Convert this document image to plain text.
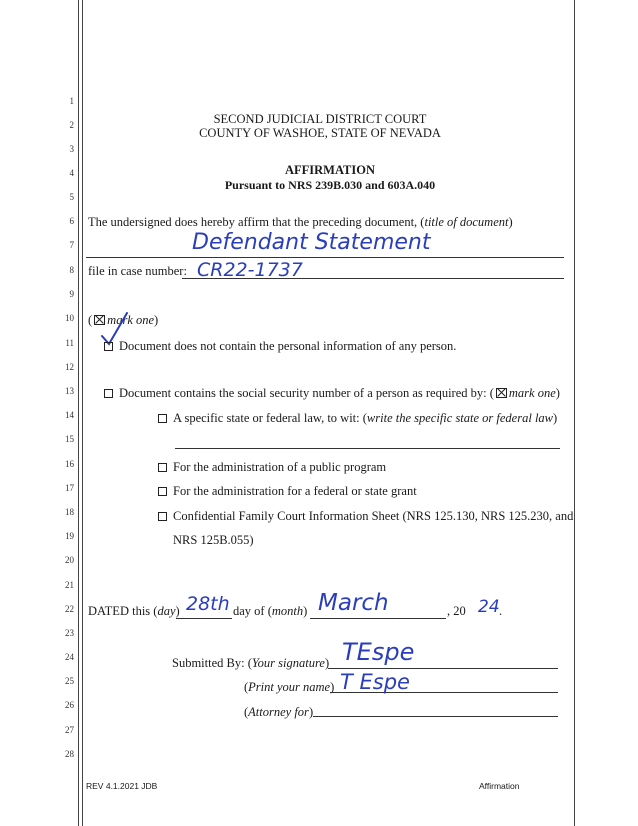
1
2
3
4
5
6
7
8
9
10
11
12
13
14
15
16
17
18
19
20
21
22
23
24
25
26
27
28
SECOND JUDICIAL DISTRICT COURT
COUNTY OF WASHOE, STATE OF NEVADA
AFFIRMATION
Pursuant to NRS 239B.030 and 603A.040
The undersigned does hereby affirm that the preceding document, (title of document)
Defendant Statement
file in case number: CR22-1737
( mark one)
Document does not contain the personal information of any person.
Document contains the social security number of a person as required by: ( mark one)
A specific state or federal law, to wit: (write the specific state or federal law)
For the administration of a public program
For the administration for a federal or state grant
Confidential Family Court Information Sheet (NRS 125.130, NRS 125.230, and
NRS 125B.055)
DATED this (day) 28th day of (month) March	, 20 24 .
Submitted By: (Your signature) TEspe
(Print your name) T Espe
(Attorney for)
REV 4.1.2021 JDB	Affirmation
